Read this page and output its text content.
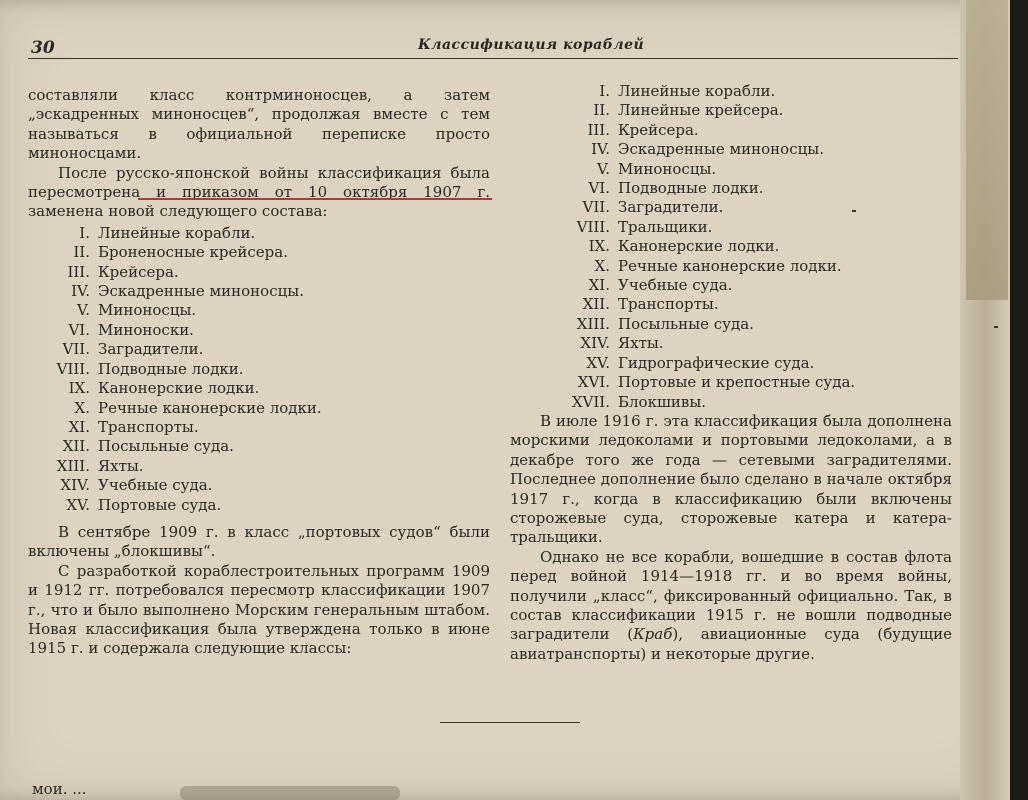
30	Классификация кораблей

составляли класс контрминоносцев, а затем „эскадренных миноносцев“, продолжая вместе с тем называться в официальной переписке просто миноносцами.

После русско-японской войны классификация была пересмотрена и приказом от 10 октября 1907 г. заменена новой следующего состава:

I. Линейные корабли.
II. Броненосные крейсера.
III. Крейсера.
IV. Эскадренные миноносцы.
V. Миноносцы.
VI. Миноноски.
VII. Заградители.
VIII. Подводные лодки.
IX. Канонерские лодки.
X. Речные канонерские лодки.
XI. Транспорты.
XII. Посыльные суда.
XIII. Яхты.
XIV. Учебные суда.
XV. Портовые суда.

В сентябре 1909 г. в класс „портовых судов“ были включены „блокшивы“.

С разработкой кораблестроительных программ 1909 и 1912 гг. потребовался пересмотр классификации 1907 г., что и было выполнено Морским генеральным штабом. Новая классификация была утверждена только в июне 1915 г. и содержала следующие классы:

I. Линейные корабли.
II. Линейные крейсера.
III. Крейсера.
IV. Эскадренные миноносцы.
V. Миноносцы.
VI. Подводные лодки.
VII. Заградители.
VIII. Тральщики.
IX. Канонерские лодки.
X. Речные канонерские лодки.
XI. Учебные суда.
XII. Транспорты.
XIII. Посыльные суда.
XIV. Яхты.
XV. Гидрографические суда.
XVI. Портовые и крепостные суда.
XVII. Блокшивы.

В июле 1916 г. эта классификация была дополнена морскими ледоколами и портовыми ледоколами, а в декабре того же года — сетевыми заградителями. Последнее дополнение было сделано в начале октября 1917 г., когда в классификацию были включены сторожевые суда, сторожевые катера и катера-тральщики.

Однако не все корабли, вошедшие в состав флота перед войной 1914—1918 гг. и во время войны, получили „класс“, фиксированный официально. Так, в состав классификации 1915 г. не вошли подводные заградители (Краб), авиационные суда (будущие авиатранспорты) и некоторые другие.

мои. ...
